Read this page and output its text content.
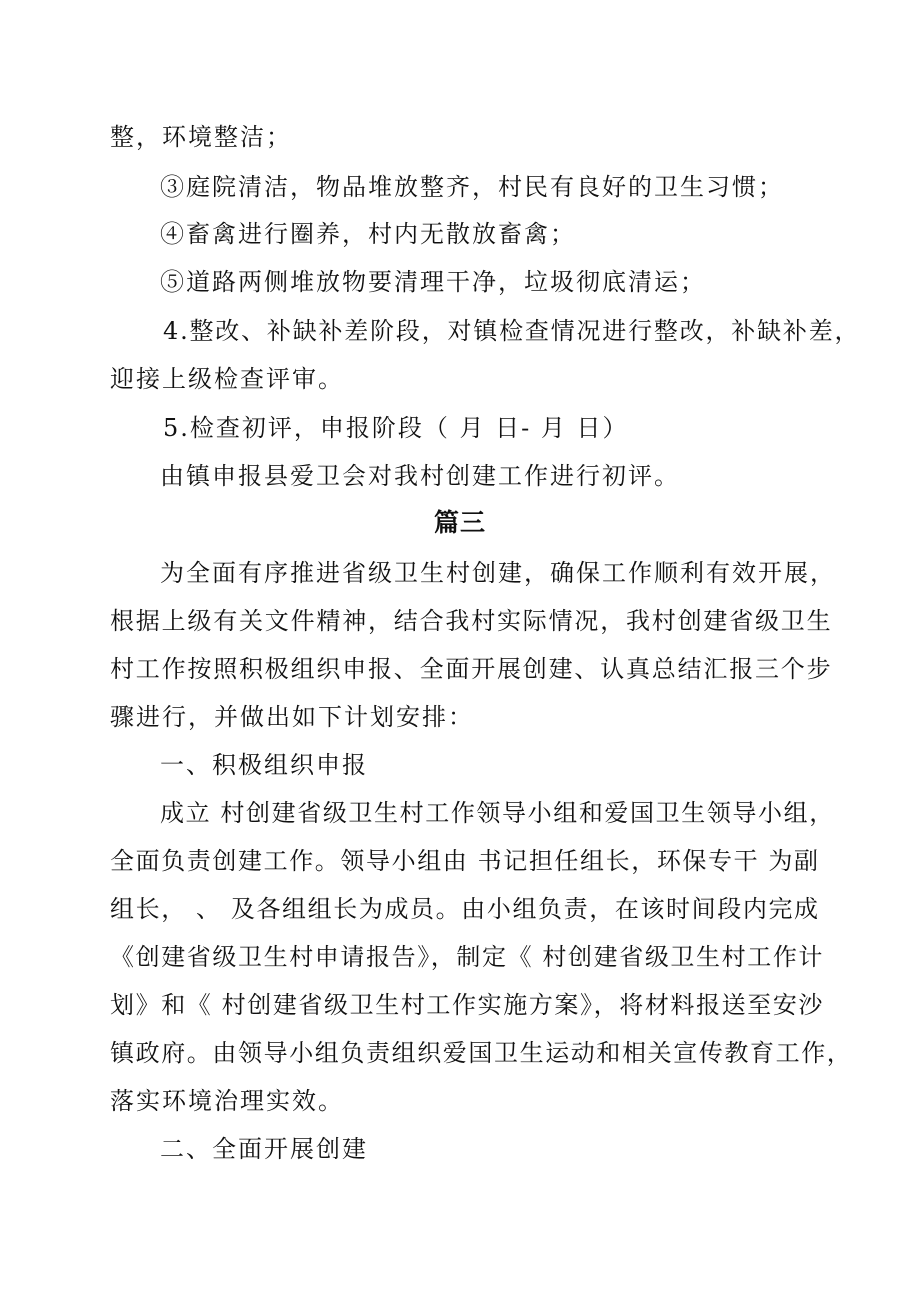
整，环境整洁；
③庭院清洁，物品堆放整齐，村民有良好的卫生习惯；
④畜禽进行圈养，村内无散放畜禽；
⑤道路两侧堆放物要清理干净，垃圾彻底清运；
4.整改、补缺补差阶段，对镇检查情况进行整改，补缺补差，
迎接上级检查评审。
5.检查初评，申报阶段（ 月 日- 月 日）
由镇申报县爱卫会对我村创建工作进行初评。
篇三
为全面有序推进省级卫生村创建，确保工作顺利有效开展，
根据上级有关文件精神，结合我村实际情况，我村创建省级卫生
村工作按照积极组织申报、全面开展创建、认真总结汇报三个步
骤进行，并做出如下计划安排：
一、积极组织申报
成立 村创建省级卫生村工作领导小组和爱国卫生领导小组，
全面负责创建工作。领导小组由 书记担任组长，环保专干 为副
组长， 、 及各组组长为成员。由小组负责，在该时间段内完成
《创建省级卫生村申请报告》，制定《 村创建省级卫生村工作计
划》和《 村创建省级卫生村工作实施方案》，将材料报送至安沙
镇政府。由领导小组负责组织爱国卫生运动和相关宣传教育工作，
落实环境治理实效。
二、全面开展创建
